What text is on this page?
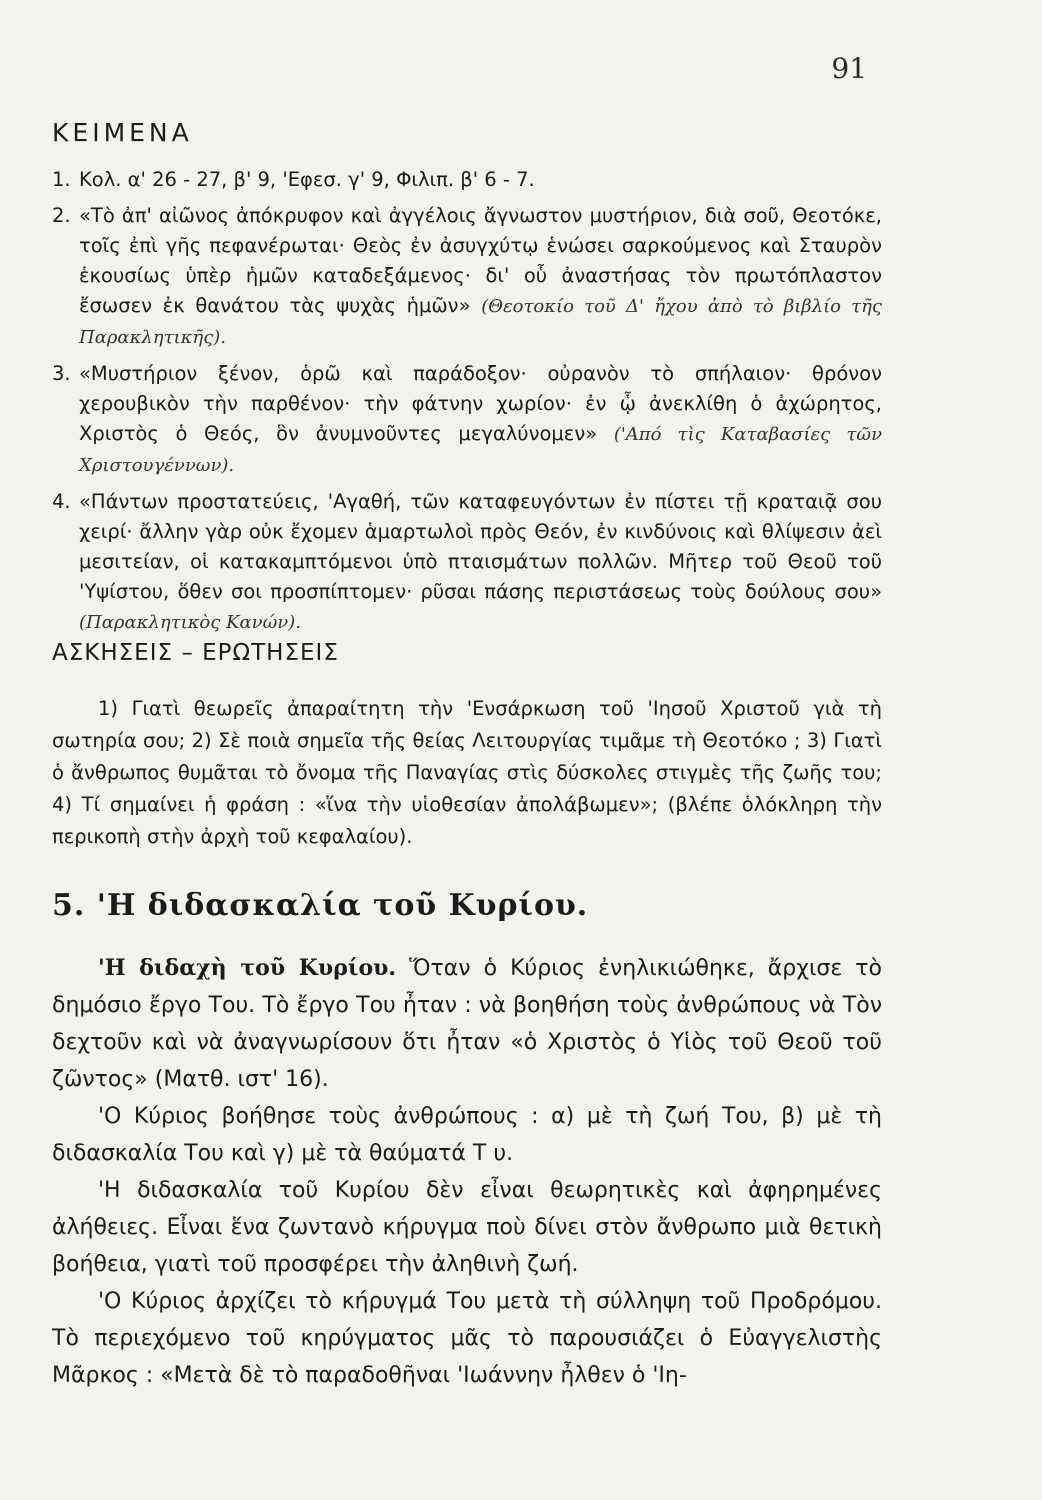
91
ΚΕΙΜΕΝΑ
1. Κολ. α' 26 - 27, β' 9, 'Εφεσ. γ' 9, Φιλιπ. β' 6 - 7.
2. «Τὸ ἀπ' αἰῶνος ἀπόκρυφον καὶ ἀγγέλοις ἄγνωστον μυστήριον, διὰ σοῦ, Θεοτόκε, τοῖς ἐπὶ γῆς πεφανέρωται· Θεὸς ἐν ἀσυγχύτῳ ἑνώσει σαρκούμενος καὶ Σταυρὸν ἑκουσίως ὑπὲρ ἡμῶν καταδεξάμενος· δι' οὗ ἀναστήσας τὸν πρωτόπλαστον ἔσωσεν ἐκ θανάτου τὰς ψυχὰς ἡμῶν» (Θεοτοκίο τοῦ Δ' ἤχου ἀπὸ τὸ βιβλίο τῆς Παρακλητικῆς).
3. «Μυστήριον ξένον, ὁρῶ καὶ παράδοξον· οὐρανὸν τὸ σπήλαιον· θρόνον χερουβικὸν τὴν παρθένον· τὴν φάτνην χωρίον· ἐν ᾧ ἀνεκλίθη ὁ ἀχώρητος, Χριστὸς ὁ Θεός, ὃν ἀνυμνοῦντες μεγαλύνομεν» ('Από τὶς Καταβασίες τῶν Χριστουγέννων).
4. «Πάντων προστατεύεις, 'Αγαθή, τῶν καταφευγόντων ἐν πίστει τῇ κραταιᾷ σου χειρί· ἄλλην γὰρ οὐκ ἔχομεν ἁμαρτωλοὶ πρὸς Θεόν, ἐν κινδύνοις καὶ θλίψεσιν ἀεὶ μεσιτείαν, οἱ κατακαμπτόμενοι ὑπὸ πταισμάτων πολλῶν. Μῆτερ τοῦ Θεοῦ τοῦ 'Υψίστου, ὅθεν σοι προσπίπτομεν· ρῦσαι πάσης περιστάσεως τοὺς δούλους σου» (Παρακλητικὸς Κανών).
ΑΣΚΗΣΕΙΣ – ΕΡΩΤΗΣΕΙΣ
1) Γιατὶ θεωρεῖς ἀπαραίτητη τὴν 'Ενσάρκωση τοῦ 'Ιησοῦ Χριστοῦ γιὰ τὴ σωτηρία σου; 2) Σὲ ποιὰ σημεῖα τῆς θείας Λειτουργίας τιμᾶμε τὴ Θεοτόκο ; 3) Γιατὶ ὁ ἄνθρωπος θυμᾶται τὸ ὄνομα τῆς Παναγίας στὶς δύσκολες στιγμὲς τῆς ζωῆς του; 4) Τί σημαίνει ἡ φράση : «ἵνα τὴν υἱοθεσίαν ἀπολάβωμεν»; (βλέπε ὁλόκληρη τὴν περικοπὴ στὴν ἀρχὴ τοῦ κεφαλαίου).
5. 'Η διδασκαλία τοῦ Κυρίου.

'Η διδαχὴ τοῦ Κυρίου. Ὅταν ὁ Κύριος ἐνηλικιώθηκε, ἄρχισε τὸ δημόσιο ἔργο Του. Τὸ ἔργο Του ἦταν : νὰ βοηθήση τοὺς ἀνθρώπους νὰ Τὸν δεχτοῦν καὶ νὰ ἀναγνωρίσουν ὅτι ἦταν «ὁ Χριστὸς ὁ Υἱὸς τοῦ Θεοῦ τοῦ ζῶντος» (Ματθ. ιστ' 16).

'Ο Κύριος βοήθησε τοὺς ἀνθρώπους : α) μὲ τὴ ζωή Του, β) μὲ τὴ διδασκαλία Του καὶ γ) μὲ τὰ θαύματά Τ υ.

'Η διδασκαλία τοῦ Κυρίου δὲν εἶναι θεωρητικὲς καὶ ἀφηρημένες ἀλήθειες. Εἶναι ἕνα ζωντανὸ κήρυγμα ποὺ δίνει στὸν ἄνθρωπο μιὰ θετικὴ βοήθεια, γιατὶ τοῦ προσφέρει τὴν ἀληθινὴ ζωή.

'Ο Κύριος ἀρχίζει τὸ κήρυγμά Του μετὰ τὴ σύλληψη τοῦ Προδρόμου. Τὸ περιεχόμενο τοῦ κηρύγματος μᾶς τὸ παρουσιάζει ὁ Εὐαγγελιστὴς Μᾶρκος : «Μετὰ δὲ τὸ παραδοθῆναι 'Ιωάννην ἦλθεν ὁ 'Ιη-
